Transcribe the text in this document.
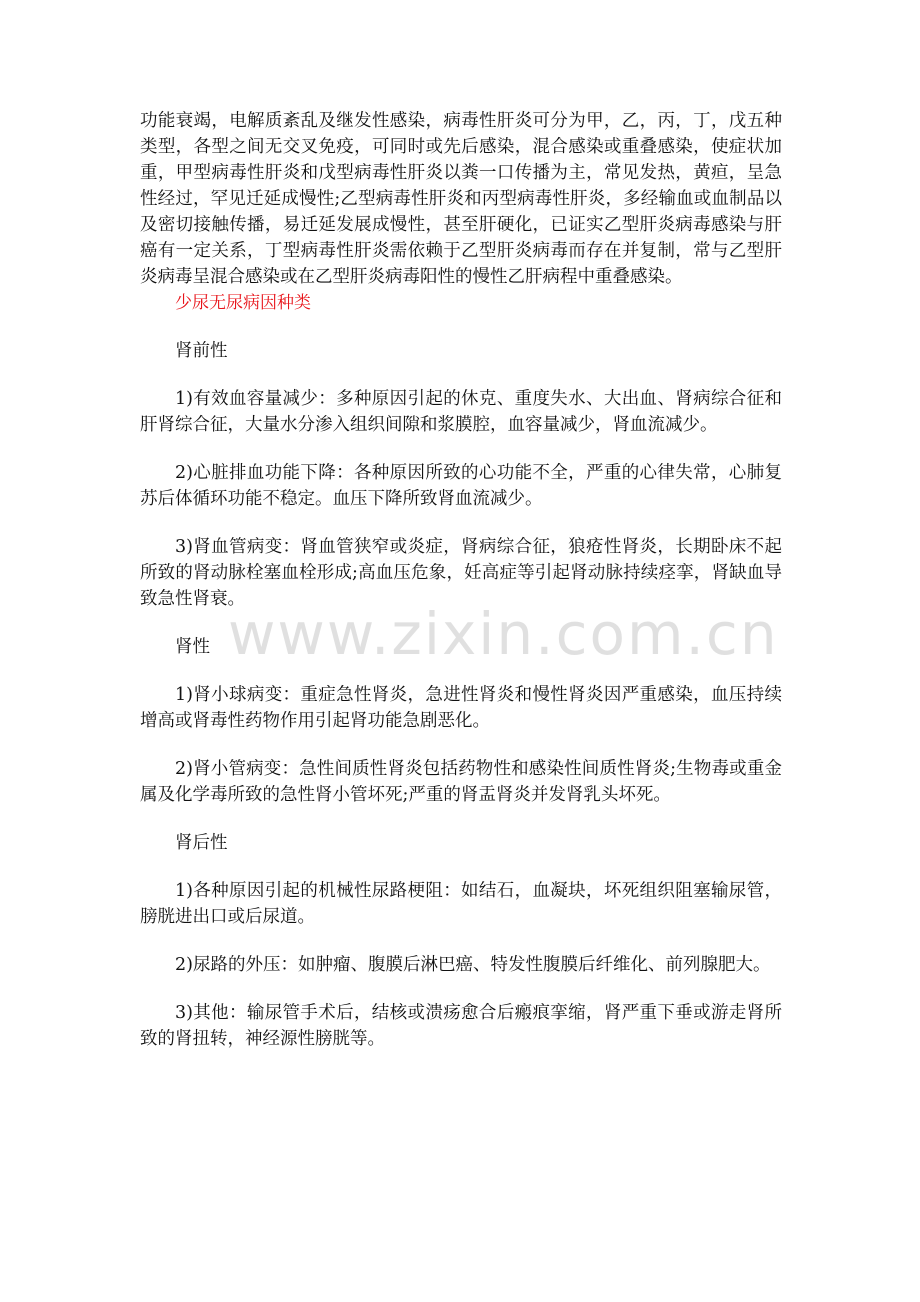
功能衰竭，电解质紊乱及继发性感染，病毒性肝炎可分为甲，乙，丙，丁，戊五种类型，各型之间无交叉免疫，可同时或先后感染，混合感染或重叠感染，使症状加重，甲型病毒性肝炎和戊型病毒性肝炎以粪一口传播为主，常见发热，黄疸，呈急性经过，罕见迁延成慢性;乙型病毒性肝炎和丙型病毒性肝炎，多经输血或血制品以及密切接触传播，易迁延发展成慢性，甚至肝硬化，已证实乙型肝炎病毒感染与肝癌有一定关系，丁型病毒性肝炎需依赖于乙型肝炎病毒而存在并复制，常与乙型肝炎病毒呈混合感染或在乙型肝炎病毒阳性的慢性乙肝病程中重叠感染。

少尿无尿病因种类

肾前性

1)有效血容量减少：多种原因引起的休克、重度失水、大出血、肾病综合征和肝肾综合征，大量水分渗入组织间隙和浆膜腔，血容量减少，肾血流减少。

2)心脏排血功能下降：各种原因所致的心功能不全，严重的心律失常，心肺复苏后体循环功能不稳定。血压下降所致肾血流减少。

3)肾血管病变：肾血管狭窄或炎症，肾病综合征，狼疮性肾炎，长期卧床不起所致的肾动脉栓塞血栓形成;高血压危象，妊高症等引起肾动脉持续痉挛，肾缺血导致急性肾衰。

肾性

1)肾小球病变：重症急性肾炎，急进性肾炎和慢性肾炎因严重感染，血压持续增高或肾毒性药物作用引起肾功能急剧恶化。

2)肾小管病变：急性间质性肾炎包括药物性和感染性间质性肾炎;生物毒或重金属及化学毒所致的急性肾小管坏死;严重的肾盂肾炎并发肾乳头坏死。

肾后性

1)各种原因引起的机械性尿路梗阻：如结石，血凝块，坏死组织阻塞输尿管，膀胱进出口或后尿道。

2)尿路的外压：如肿瘤、腹膜后淋巴癌、特发性腹膜后纤维化、前列腺肥大。

3)其他：输尿管手术后，结核或溃疡愈合后瘢痕挛缩，肾严重下垂或游走肾所致的肾扭转，神经源性膀胱等。

www.zixin.com.cn
